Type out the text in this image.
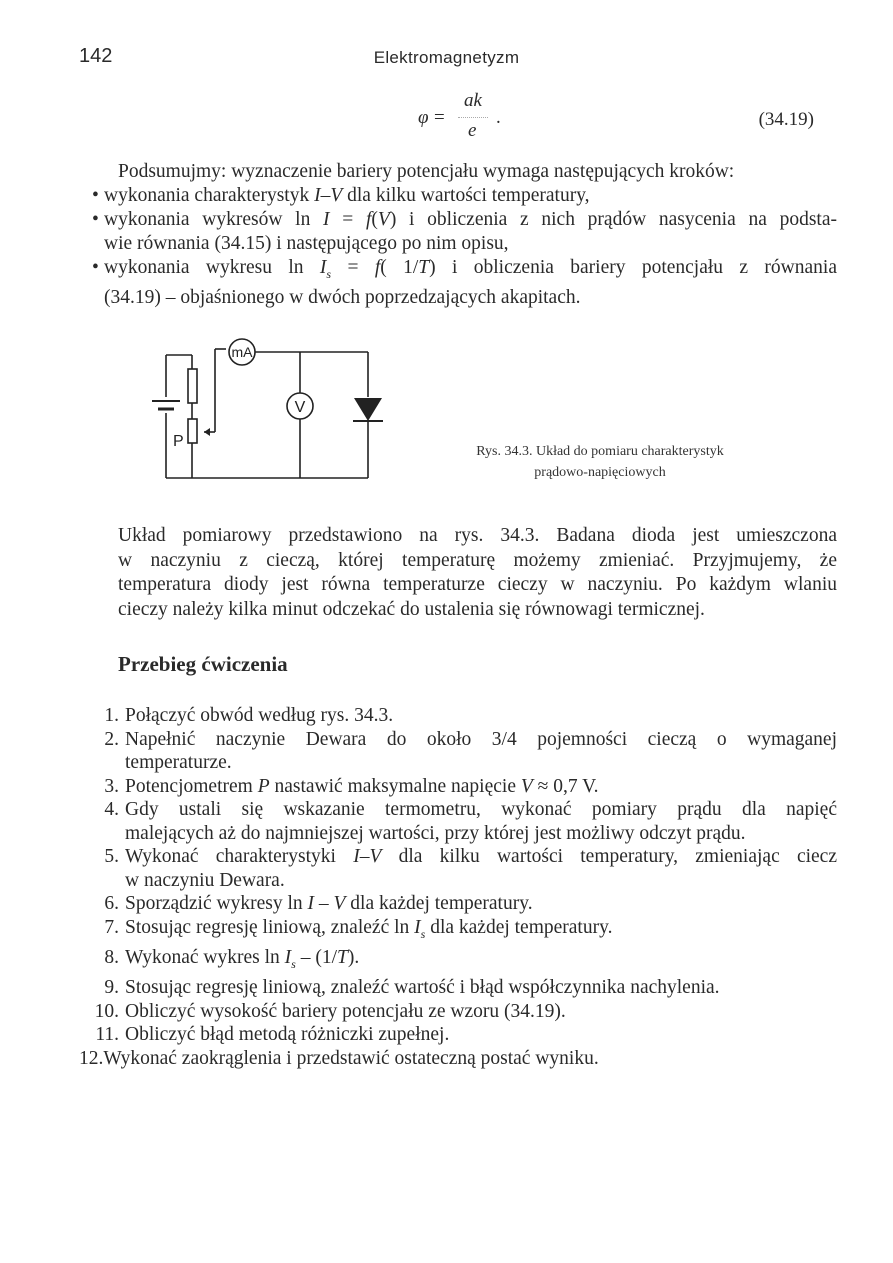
142	Elektromagnetyzm
φ =
ak
e
.	(34.19)
Podsumujmy: wyznaczenie bariery potencjału wymaga następujących kroków:
• wykonania charakterystyk I–V dla kilku wartości temperatury,
• wykonania wykresów ln I = f(V) i obliczenia z nich prądów nasycenia na podsta-
wie równania (34.15) i następującego po nim opisu,
• wykonania wykresu $\ln I_s = f$( 1/T) i obliczenia bariery potencjału z równania
(34.19) – objaśnionego w dwóch poprzedzających akapitach.
mA
V
P
Rys. 34.3. Układ do pomiaru charakterystyk
prądowo-napięciowych
Układ pomiarowy przedstawiono na rys. 34.3. Badana dioda jest umieszczona
w naczyniu z cieczą, której temperaturę możemy zmieniać. Przyjmujemy, że
temperatura diody jest równa temperaturze cieczy w naczyniu. Po każdym wlaniu
cieczy należy kilka minut odczekać do ustalenia się równowagi termicznej.
Przebieg ćwiczenia
1. Połączyć obwód według rys. 34.3.
2. Napełnić naczynie Dewara do około 3/4 pojemności cieczą o wymaganej
temperaturze.
3. Potencjometrem P nastawić maksymalne napięcie V ≈ 0,7 V.
4. Gdy ustali się wskazanie termometru, wykonać pomiary prądu dla napięć
malejących aż do najmniejszej wartości, przy której jest możliwy odczyt prądu.
5. Wykonać charakterystyki I–V dla kilku wartości temperatury, zmieniając ciecz
w naczyniu Dewara.
6. Sporządzić wykresy ln I – V dla każdej temperatury.
7. Stosując regresję liniową, znaleźć $\ln I_s$ dla każdej temperatury.
8. Wykonać wykres $\ln I_s - (1/T)$.
9. Stosując regresję liniową, znaleźć wartość i błąd współczynnika nachylenia.
10. Obliczyć wysokość bariery potencjału ze wzoru (34.19).
11. Obliczyć błąd metodą różniczki zupełnej.
12.Wykonać zaokrąglenia i przedstawić ostateczną postać wyniku.
